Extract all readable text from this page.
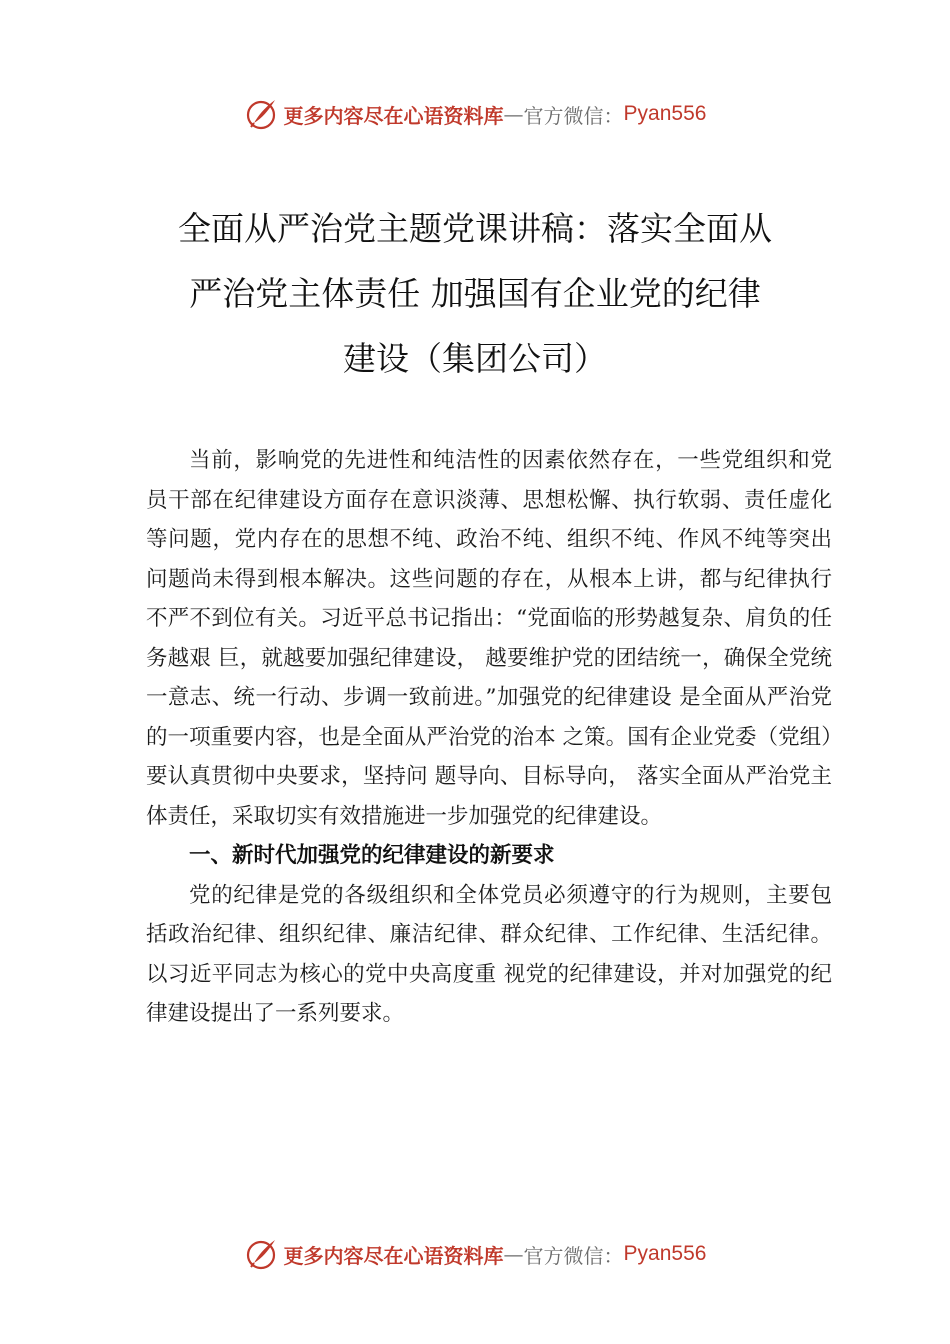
更多内容尽在心语资料库 — 官方微信： Pyan556
全面从严治党主题党课讲稿：落实全面从
严治党主体责任 加强国有企业党的纪律
建设（集团公司）

当前，影响党的先进性和纯洁性的因素依然存在，一些党组织和党员干部在纪律建设方面存在意识淡薄、思想松懈、执行软弱、责任虚化等问题，党内存在的思想不纯、政治不纯、组织不纯、作风不纯等突出问题尚未得到根本解决。这些问题的存在，从根本上讲，都与纪律执行不严不到位有关。习近平总书记指出：“党面临的形势越复杂、肩负的任务越艰 巨，就越要加强纪律建设， 越要维护党的团结统一，确保全党统一意志、统一行动、步调一致前进。”加强党的纪律建设 是全面从严治党的一项重要内容，也是全面从严治党的治本 之策。国有企业党委（党组）要认真贯彻中央要求，坚持问 题导向、目标导向， 落实全面从严治党主体责任，采取切实有效措施进一步加强党的纪律建设。

一、新时代加强党的纪律建设的新要求

党的纪律是党的各级组织和全体党员必须遵守的行为规则，主要包括政治纪律、组织纪律、廉洁纪律、群众纪律、工作纪律、生活纪律。以习近平同志为核心的党中央高度重 视党的纪律建设，并对加强党的纪律建设提出了一系列要求。

更多内容尽在心语资料库 — 官方微信： Pyan556
